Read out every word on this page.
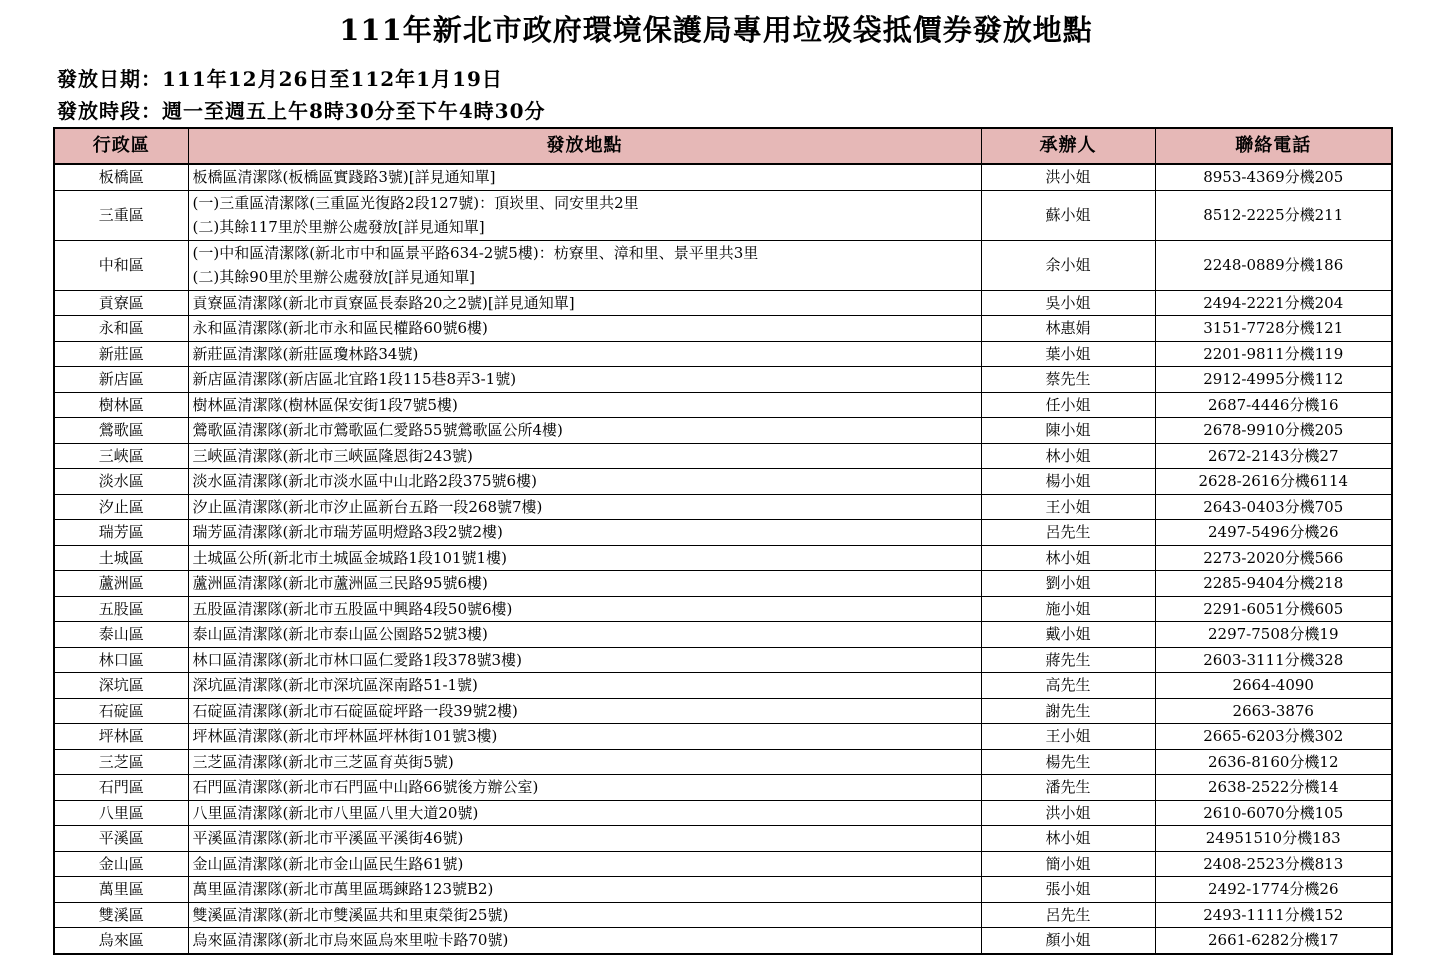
111年新北市政府環境保護局專用垃圾袋抵價券發放地點
發放日期：111年12月26日至112年1月19日
發放時段：週一至週五上午8時30分至下午4時30分
行政區	發放地點	承辦人	聯絡電話
板橋區	板橋區清潔隊(板橋區實踐路3號)[詳見通知單]	洪小姐	8953-4369分機205
三重區	(一)三重區清潔隊(三重區光復路2段127號)：頂崁里、同安里共2里
(二)其餘117里於里辦公處發放[詳見通知單]	蘇小姐	8512-2225分機211
中和區	(一)中和區清潔隊(新北市中和區景平路634-2號5樓)：枋寮里、漳和里、景平里共3里
(二)其餘90里於里辦公處發放[詳見通知單]	余小姐	2248-0889分機186
貢寮區	貢寮區清潔隊(新北市貢寮區長泰路20之2號)[詳見通知單]	吳小姐	2494-2221分機204
永和區	永和區清潔隊(新北市永和區民權路60號6樓)	林惠娟	3151-7728分機121
新莊區	新莊區清潔隊(新莊區瓊林路34號)	葉小姐	2201-9811分機119
新店區	新店區清潔隊(新店區北宜路1段115巷8弄3-1號)	蔡先生	2912-4995分機112
樹林區	樹林區清潔隊(樹林區保安街1段7號5樓)	任小姐	2687-4446分機16
鶯歌區	鶯歌區清潔隊(新北市鶯歌區仁愛路55號鶯歌區公所4樓)	陳小姐	2678-9910分機205
三峽區	三峽區清潔隊(新北市三峽區隆恩街243號)	林小姐	2672-2143分機27
淡水區	淡水區清潔隊(新北市淡水區中山北路2段375號6樓)	楊小姐	2628-2616分機6114
汐止區	汐止區清潔隊(新北市汐止區新台五路一段268號7樓)	王小姐	2643-0403分機705
瑞芳區	瑞芳區清潔隊(新北市瑞芳區明燈路3段2號2樓)	呂先生	2497-5496分機26
土城區	土城區公所(新北市土城區金城路1段101號1樓)	林小姐	2273-2020分機566
蘆洲區	蘆洲區清潔隊(新北市蘆洲區三民路95號6樓)	劉小姐	2285-9404分機218
五股區	五股區清潔隊(新北市五股區中興路4段50號6樓)	施小姐	2291-6051分機605
泰山區	泰山區清潔隊(新北市泰山區公園路52號3樓)	戴小姐	2297-7508分機19
林口區	林口區清潔隊(新北市林口區仁愛路1段378號3樓)	蔣先生	2603-3111分機328
深坑區	深坑區清潔隊(新北市深坑區深南路51-1號)	高先生	2664-4090
石碇區	石碇區清潔隊(新北市石碇區碇坪路一段39號2樓)	謝先生	2663-3876
坪林區	坪林區清潔隊(新北市坪林區坪林街101號3樓)	王小姐	2665-6203分機302
三芝區	三芝區清潔隊(新北市三芝區育英街5號)	楊先生	2636-8160分機12
石門區	石門區清潔隊(新北市石門區中山路66號後方辦公室)	潘先生	2638-2522分機14
八里區	八里區清潔隊(新北市八里區八里大道20號)	洪小姐	2610-6070分機105
平溪區	平溪區清潔隊(新北市平溪區平溪街46號)	林小姐	24951510分機183
金山區	金山區清潔隊(新北市金山區民生路61號)	簡小姐	2408-2523分機813
萬里區	萬里區清潔隊(新北市萬里區瑪鍊路123號B2)	張小姐	2492-1774分機26
雙溪區	雙溪區清潔隊(新北市雙溪區共和里東榮街25號)	呂先生	2493-1111分機152
烏來區	烏來區清潔隊(新北市烏來區烏來里啦卡路70號)	顏小姐	2661-6282分機17
